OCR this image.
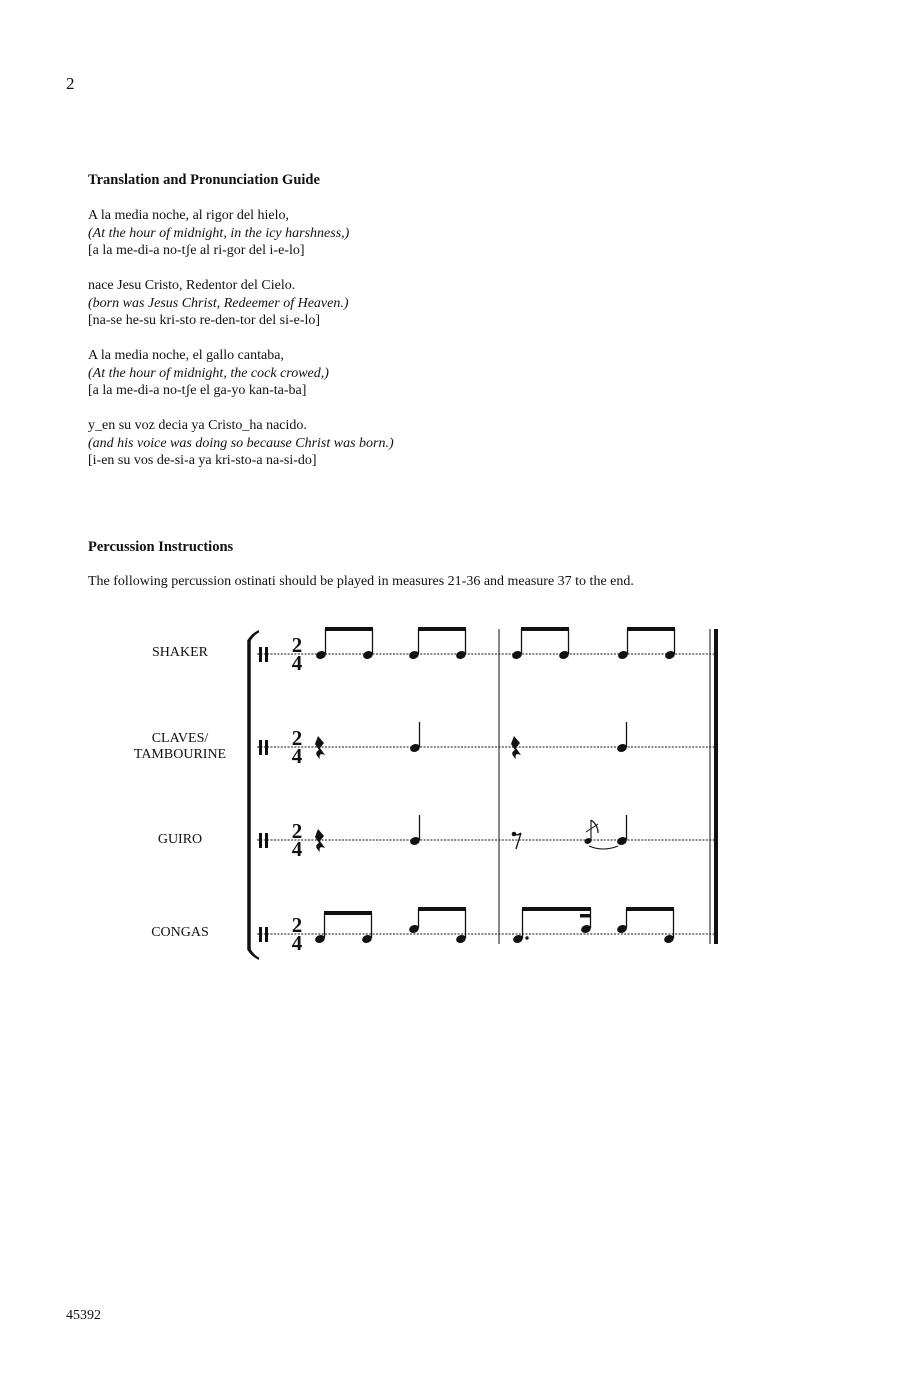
2
Translation and Pronunciation Guide
A la media noche, al rigor del hielo,
(At the hour of midnight, in the icy harshness,)
[a la me-di-a no-tʃe al ri-gor del i-e-lo]
nace Jesu Cristo, Redentor del Cielo.
(born was Jesus Christ, Redeemer of Heaven.)
[na-se he-su kri-sto re-den-tor del si-e-lo]
A la media noche, el gallo cantaba,
(At the hour of midnight, the cock crowed,)
[a la me-di-a no-tʃe el ga-yo kan-ta-ba]
y_en su voz decia ya Cristo_ha nacido.
(and his voice was doing so because Christ was born.)
[i-en su vos de-si-a ya kri-sto-a na-si-do]
Percussion Instructions
The following percussion ostinati should be played in measures 21-36 and measure 37 to the end.
SHAKER
CLAVES/
TAMBOURINE
GUIRO
CONGAS
2
4
2
4
2
4
2
4
45392
